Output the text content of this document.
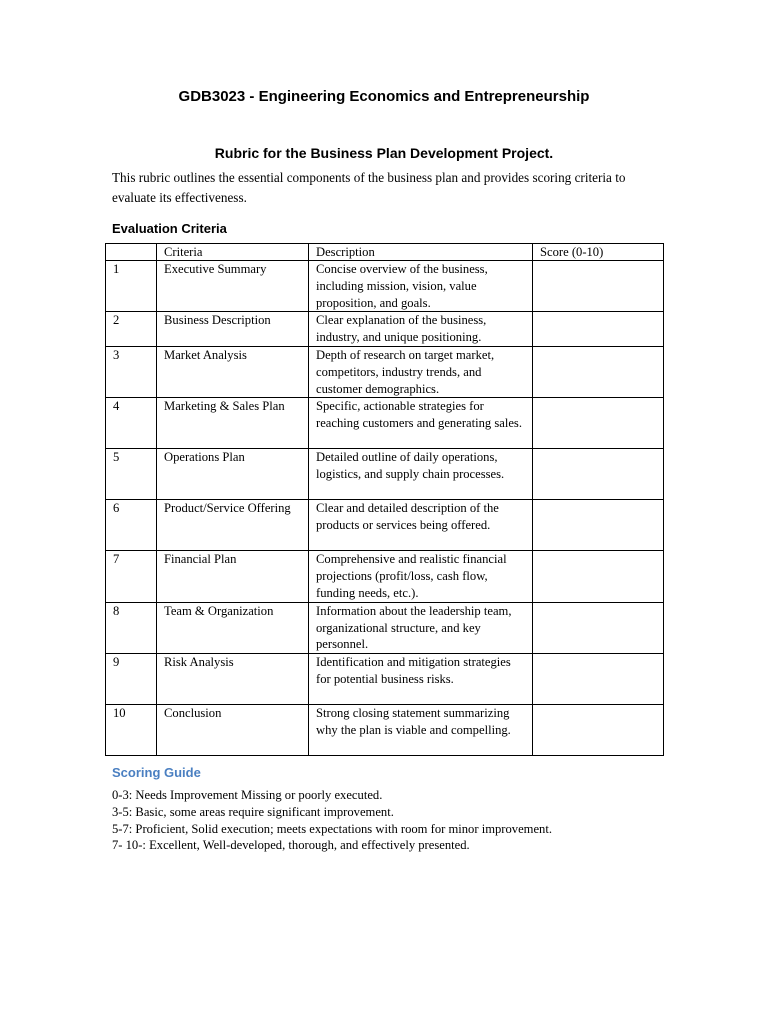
GDB3023 - Engineering Economics and Entrepreneurship
Rubric for the Business Plan Development Project.
This rubric outlines the essential components of the business plan and provides scoring criteria to evaluate its effectiveness.
Evaluation Criteria
	Criteria	Description	Score (0-10)
1	Executive Summary	Concise overview of the business, including mission, vision, value proposition, and goals.	
2	Business Description	Clear explanation of the business, industry, and unique positioning.	
3	Market Analysis	Depth of research on target market, competitors, industry trends, and customer demographics.	
4	Marketing & Sales Plan	Specific, actionable strategies for reaching customers and generating sales.	
5	Operations Plan	Detailed outline of daily operations, logistics, and supply chain processes.	
6	Product/Service Offering	Clear and detailed description of the products or services being offered.	
7	Financial Plan	Comprehensive and realistic financial projections (profit/loss, cash flow, funding needs, etc.).	
8	Team & Organization	Information about the leadership team, organizational structure, and key personnel.	
9	Risk Analysis	Identification and mitigation strategies for potential business risks.	
10	Conclusion	Strong closing statement summarizing why the plan is viable and compelling.	
Scoring Guide
0-3: Needs Improvement Missing or poorly executed.
3-5: Basic, some areas require significant improvement.
5-7: Proficient, Solid execution; meets expectations with room for minor improvement.
7- 10-: Excellent, Well-developed, thorough, and effectively presented.
